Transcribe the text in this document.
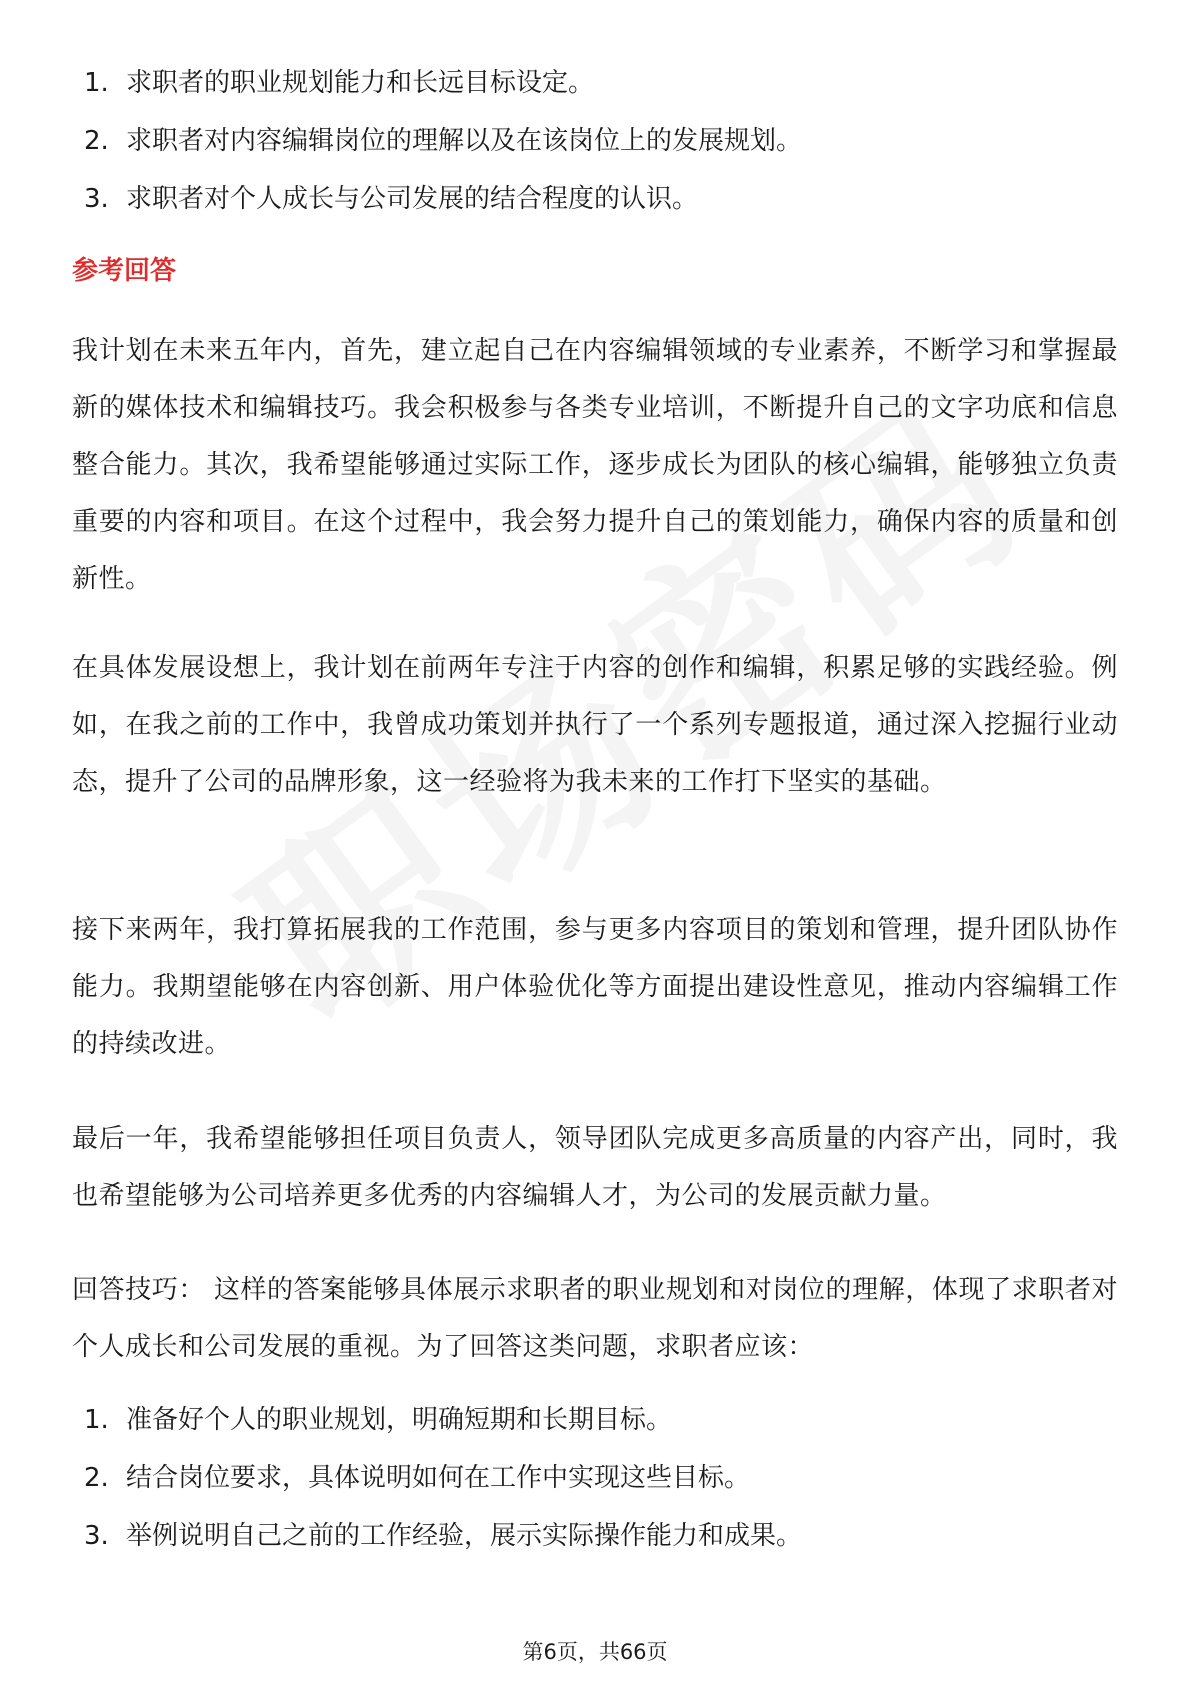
1. 求职者的职业规划能力和长远目标设定。
2. 求职者对内容编辑岗位的理解以及在该岗位上的发展规划。
3. 求职者对个人成长与公司发展的结合程度的认识。
参考回答

我计划在未来五年内，首先，建立起自己在内容编辑领域的专业素养，不断学习和掌握最新的媒体技术和编辑技巧。我会积极参与各类专业培训，不断提升自己的文字功底和信息整合能力。其次，我希望能够通过实际工作，逐步成长为团队的核心编辑，能够独立负责重要的内容和项目。在这个过程中，我会努力提升自己的策划能力，确保内容的质量和创新性。

在具体发展设想上，我计划在前两年专注于内容的创作和编辑，积累足够的实践经验。例如，在我之前的工作中，我曾成功策划并执行了一个系列专题报道，通过深入挖掘行业动态，提升了公司的品牌形象，这一经验将为我未来的工作打下坚实的基础。

接下来两年，我打算拓展我的工作范围，参与更多内容项目的策划和管理，提升团队协作能力。我期望能够在内容创新、用户体验优化等方面提出建设性意见，推动内容编辑工作的持续改进。

最后一年，我希望能够担任项目负责人，领导团队完成更多高质量的内容产出，同时，我也希望能够为公司培养更多优秀的内容编辑人才，为公司的发展贡献力量。

回答技巧： 这样的答案能够具体展示求职者的职业规划和对岗位的理解，体现了求职者对个人成长和公司发展的重视。为了回答这类问题，求职者应该：

1. 准备好个人的职业规划，明确短期和长期目标。
2. 结合岗位要求，具体说明如何在工作中实现这些目标。
3. 举例说明自己之前的工作经验，展示实际操作能力和成果。
第6页，共66页
